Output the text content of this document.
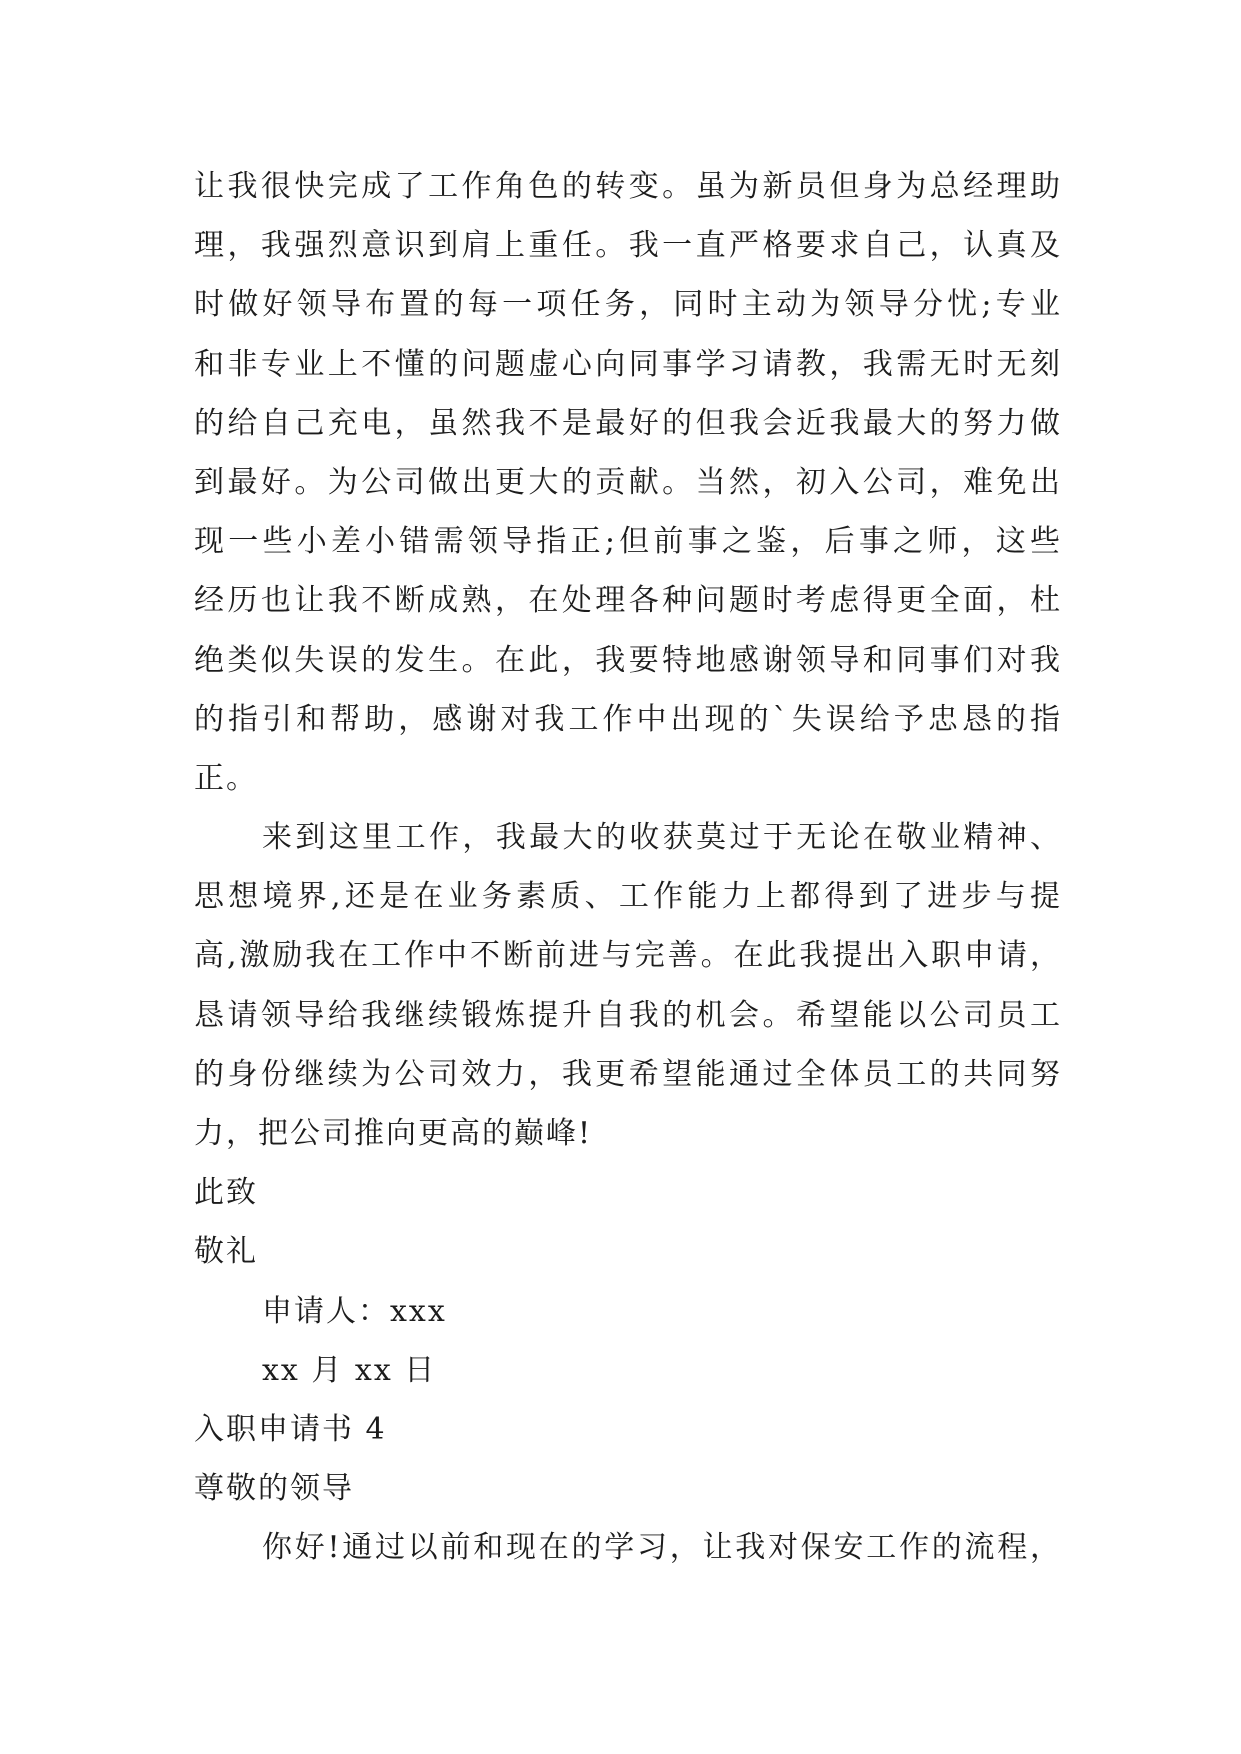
让我很快完成了工作角色的转变。虽为新员但身为总经理助
理，我强烈意识到肩上重任。我一直严格要求自己，认真及
时做好领导布置的每一项任务，同时主动为领导分忧;专业
和非专业上不懂的问题虚心向同事学习请教，我需无时无刻
的给自己充电，虽然我不是最好的但我会近我最大的努力做
到最好。为公司做出更大的贡献。当然，初入公司，难免出
现一些小差小错需领导指正;但前事之鉴，后事之师，这些
经历也让我不断成熟，在处理各种问题时考虑得更全面，杜
绝类似失误的发生。在此，我要特地感谢领导和同事们对我
的指引和帮助，感谢对我工作中出现的`失误给予忠恳的指
正。
来到这里工作，我最大的收获莫过于无论在敬业精神、
思想境界,还是在业务素质、工作能力上都得到了进步与提
高,激励我在工作中不断前进与完善。在此我提出入职申请，
恳请领导给我继续锻炼提升自我的机会。希望能以公司员工
的身份继续为公司效力，我更希望能通过全体员工的共同努
力，把公司推向更高的巅峰!
此致
敬礼
申请人：xxx
xx 月 xx 日
入职申请书 4
尊敬的领导
你好!通过以前和现在的学习，让我对保安工作的流程，
